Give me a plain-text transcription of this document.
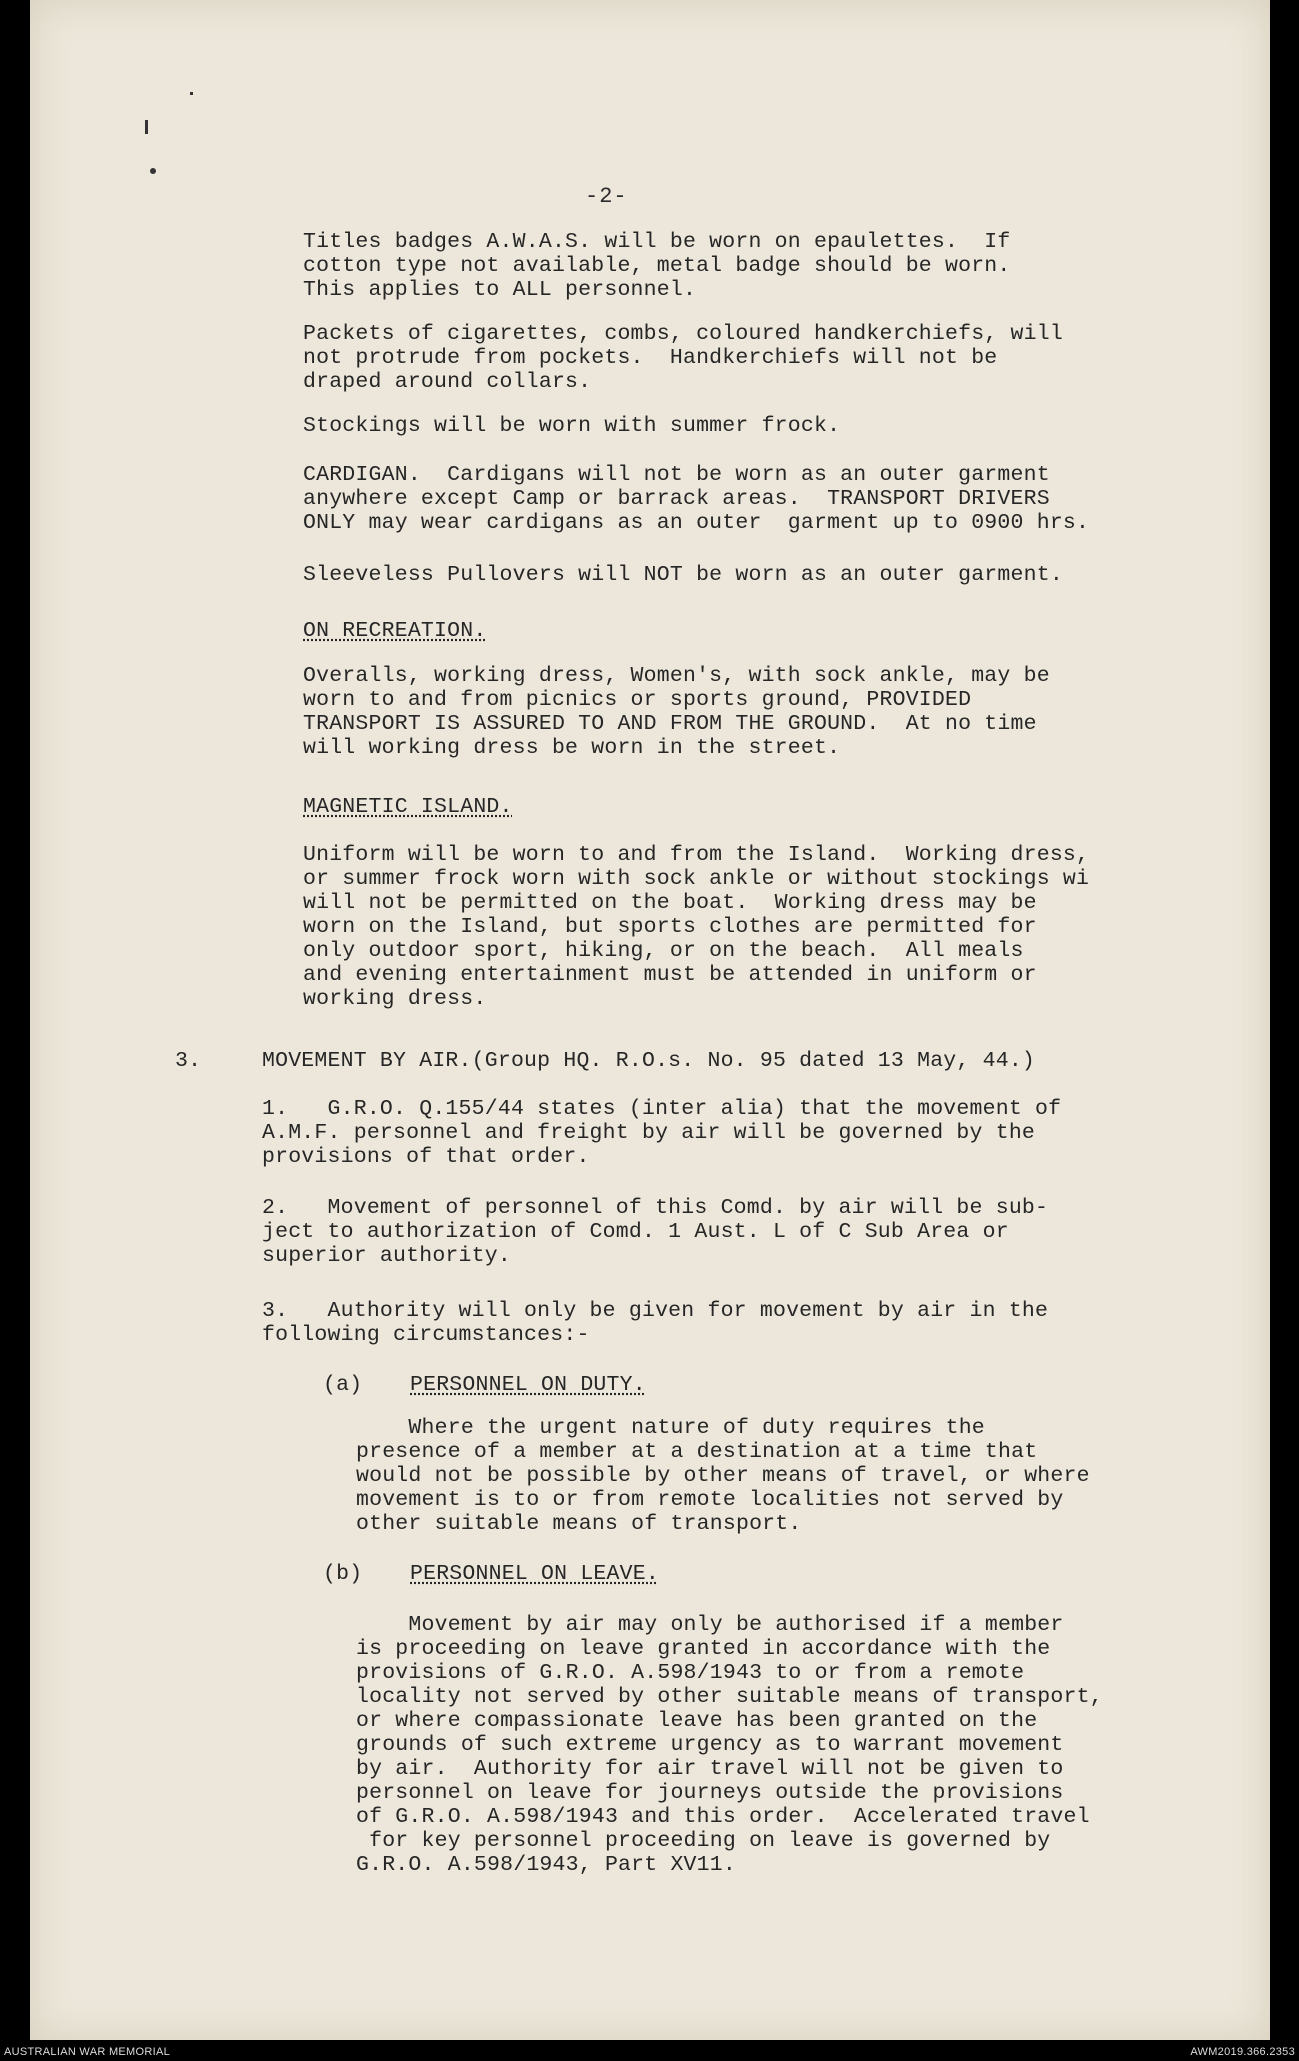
-2-
Titles badges A.W.A.S. will be worn on epaulettes.  If
cotton type not available, metal badge should be worn.
This applies to ALL personnel.
Packets of cigarettes, combs, coloured handkerchiefs, will
not protrude from pockets.  Handkerchiefs will not be
draped around collars.
Stockings will be worn with summer frock.
CARDIGAN.  Cardigans will not be worn as an outer garment
anywhere except Camp or barrack areas.  TRANSPORT DRIVERS
ONLY may wear cardigans as an outer  garment up to 0900 hrs.
Sleeveless Pullovers will NOT be worn as an outer garment.
ON RECREATION.
Overalls, working dress, Women's, with sock ankle, may be
worn to and from picnics or sports ground, PROVIDED
TRANSPORT IS ASSURED TO AND FROM THE GROUND.  At no time
will working dress be worn in the street.
MAGNETIC ISLAND.
Uniform will be worn to and from the Island.  Working dress,
or summer frock worn with sock ankle or without stockings wi
will not be permitted on the boat.  Working dress may be
worn on the Island, but sports clothes are permitted for
only outdoor sport, hiking, or on the beach.  All meals
and evening entertainment must be attended in uniform or
working dress.
3.	MOVEMENT BY AIR.(Group HQ. R.O.s. No. 95 dated 13 May, 44.)
1.   G.R.O. Q.155/44 states (inter alia) that the movement of
A.M.F. personnel and freight by air will be governed by the
provisions of that order.
2.   Movement of personnel of this Comd. by air will be sub-
ject to authorization of Comd. 1 Aust. L of C Sub Area or
superior authority.
3.   Authority will only be given for movement by air in the
following circumstances:-
(a) PERSONNEL ON DUTY.
Where the urgent nature of duty requires the
presence of a member at a destination at a time that
would not be possible by other means of travel, or where
movement is to or from remote localities not served by
other suitable means of transport.
(b) PERSONNEL ON LEAVE.
Movement by air may only be authorised if a member
is proceeding on leave granted in accordance with the
provisions of G.R.O. A.598/1943 to or from a remote
locality not served by other suitable means of transport,
or where compassionate leave has been granted on the
grounds of such extreme urgency as to warrant movement
by air.  Authority for air travel will not be given to
personnel on leave for journeys outside the provisions
of G.R.O. A.598/1943 and this order.  Accelerated travel
for key personnel proceeding on leave is governed by
G.R.O. A.598/1943, Part XV11.
AUSTRALIAN WAR MEMORIAL	AWM2019.366.2353
